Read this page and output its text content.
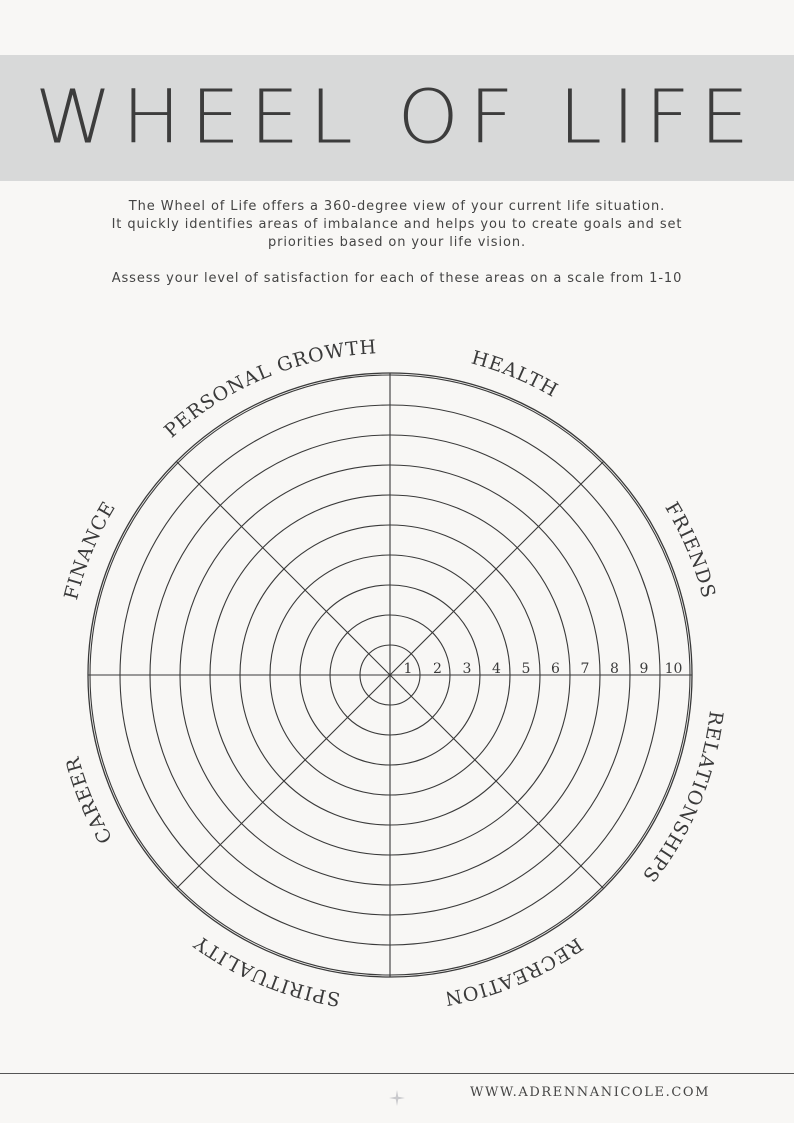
WHEEL OF LIFE

The Wheel of Life offers a 360-degree view of your current life situation.

It quickly identifies areas of imbalance and helps you to create goals and set

priorities based on your life vision.

Assess your level of satisfaction for each of these areas on a scale from 1-10

1 2 3 4 5 6 7 8 9 10
HEALTH
FRIENDS
RELATIONSHIPS
RECREATION
SPIRITUALITY
CAREER
FINANCE
PERSONAL GROWTH
WWW.ADRENNANICOLE.COM
